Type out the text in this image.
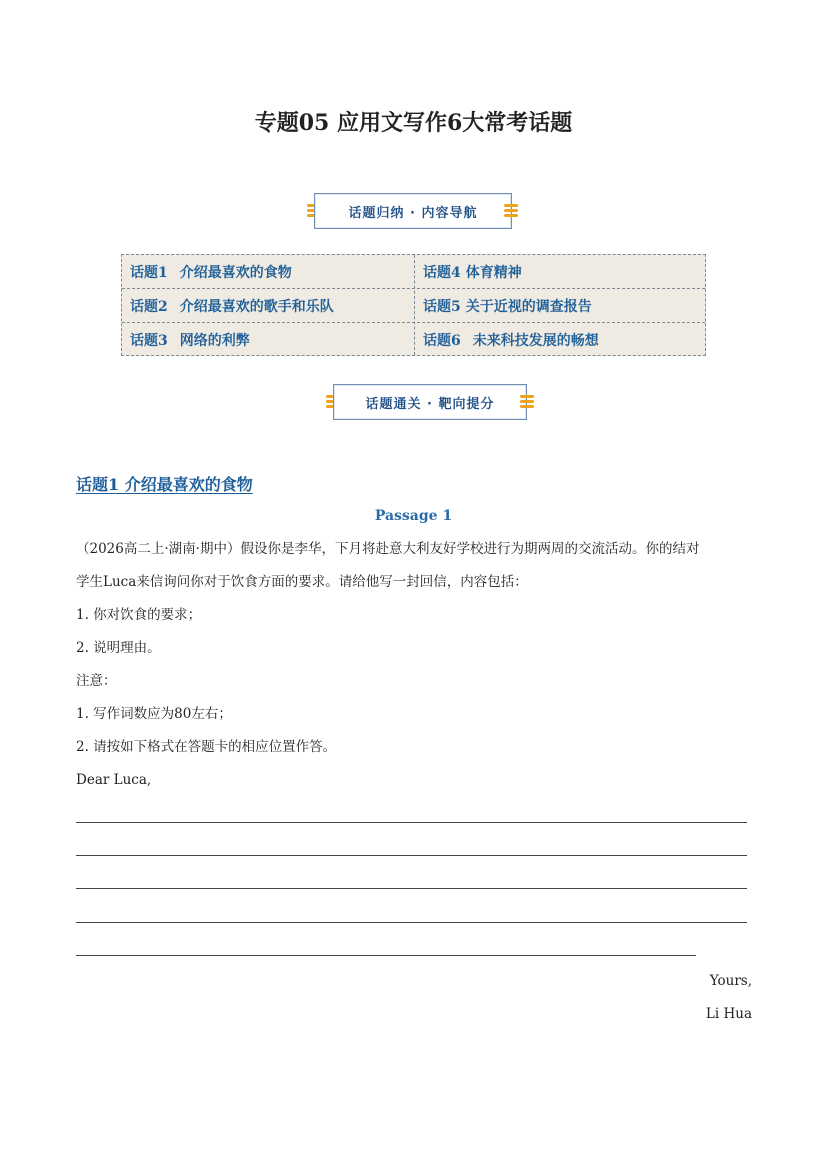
专题05 应用文写作6大常考话题
话题归纳 · 内容导航
话题1 介绍最喜欢的食物	话题4 体育精神
话题2 介绍最喜欢的歌手和乐队	话题5 关于近视的调查报告
话题3 网络的利弊	话题6 未来科技发展的畅想
话题通关 · 靶向提分
话题1 介绍最喜欢的食物
Passage 1
（2026高二上·湖南·期中）假设你是李华，下月将赴意大利友好学校进行为期两周的交流活动。你的结对
学生Luca来信询问你对于饮食方面的要求。请给他写一封回信，内容包括：
1. 你对饮食的要求；
2. 说明理由。
注意：
1. 写作词数应为80左右；
2. 请按如下格式在答题卡的相应位置作答。
Dear Luca,
Yours,
Li Hua
